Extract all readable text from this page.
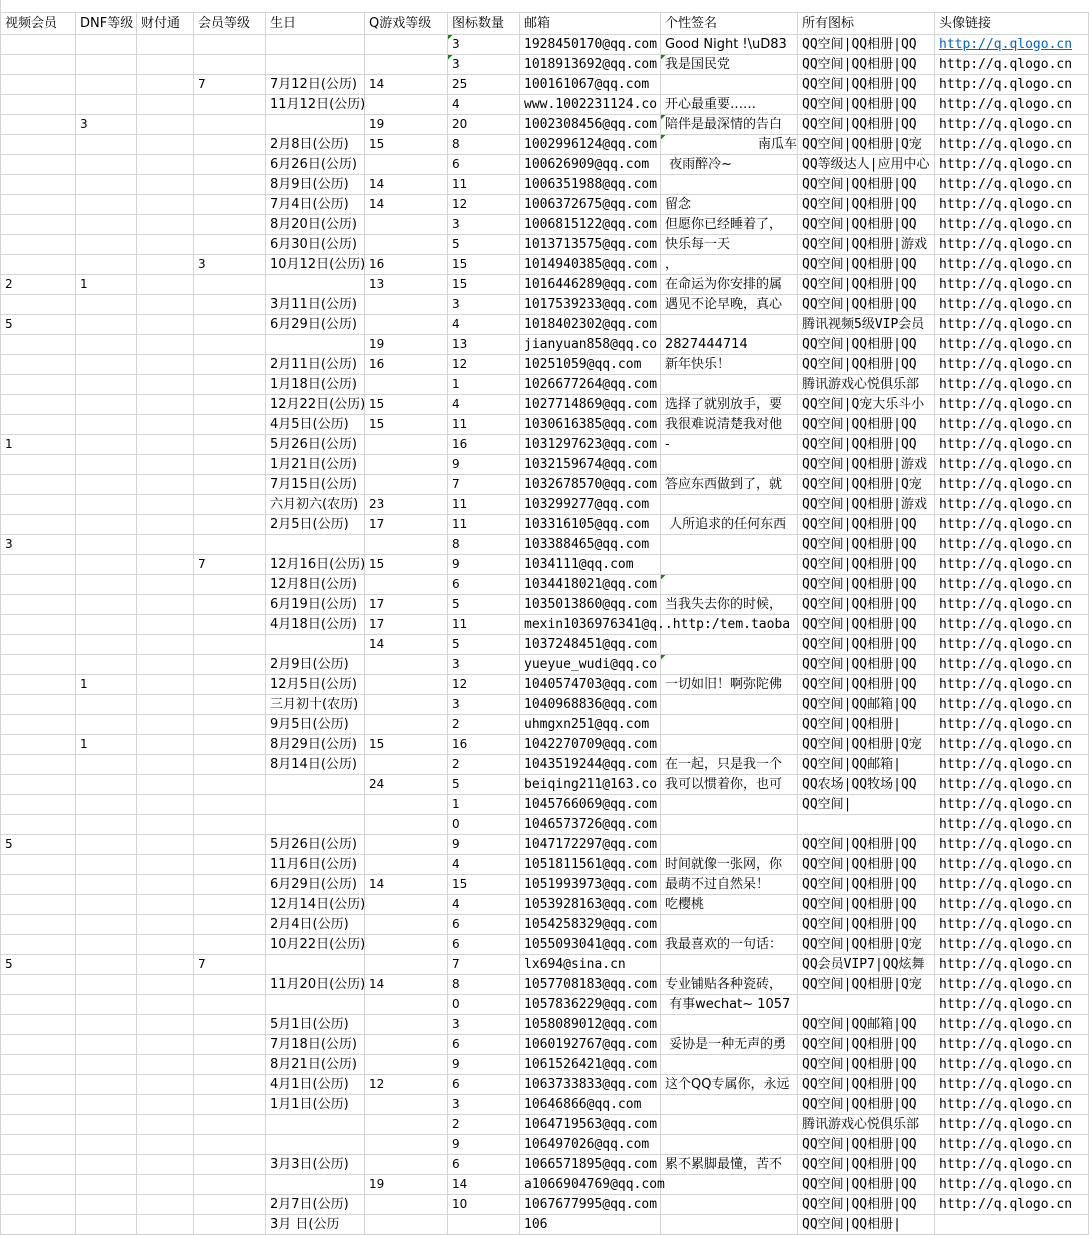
视频会员	DNF等级	财付通	会员等级	生日	Q游戏等级	图标数量	邮箱	个性签名	所有图标	头像链接
						3	1928450170@qq.com	Good Night !\uD83	QQ空间|QQ相册|QQ	http://q.qlogo.cn
						3	1018913692@qq.com	我是国民党	QQ空间|QQ相册|QQ	http://q.qlogo.cn
			7	7月12日(公历)	14	25	100161067@qq.com		QQ空间|QQ相册|QQ	http://q.qlogo.cn
				11月12日(公历)		4	www.1002231124.co	开心最重要……	QQ空间|QQ相册|QQ	http://q.qlogo.cn
	3				19	20	1002308456@qq.com	陪伴是最深情的告白	QQ空间|QQ相册|QQ	http://q.qlogo.cn
				2月8日(公历)	15	8	1002996124@qq.com	南瓜车	QQ空间|QQ相册|Q宠	http://q.qlogo.cn
				6月26日(公历)		6	100626909@qq.com	夜雨醉冷~	QQ等级达人|应用中心	http://q.qlogo.cn
				8月9日(公历)	14	11	1006351988@qq.com		QQ空间|QQ相册|QQ	http://q.qlogo.cn
				7月4日(公历)	14	12	1006372675@qq.com	留念	QQ空间|QQ相册|QQ	http://q.qlogo.cn
				8月20日(公历)		3	1006815122@qq.com	但愿你已经睡着了，	QQ空间|QQ相册|QQ	http://q.qlogo.cn
				6月30日(公历)		5	1013713575@qq.com	快乐每一天	QQ空间|QQ相册|游戏	http://q.qlogo.cn
			3	10月12日(公历)	16	15	1014940385@qq.com	，	QQ空间|QQ相册|QQ	http://q.qlogo.cn
2	1				13	15	1016446289@qq.com	在命运为你安排的属	QQ空间|QQ相册|QQ	http://q.qlogo.cn
				3月11日(公历)		3	1017539233@qq.com	遇见不论早晚，真心	QQ空间|QQ相册|QQ	http://q.qlogo.cn
5				6月29日(公历)		4	1018402302@qq.com		腾讯视频5级VIP会员	http://q.qlogo.cn
					19	13	jianyuan858@qq.co	2827444714	QQ空间|QQ相册|QQ	http://q.qlogo.cn
				2月11日(公历)	16	12	10251059@qq.com	新年快乐！	QQ空间|QQ相册|QQ	http://q.qlogo.cn
				1月18日(公历)		1	1026677264@qq.com		腾讯游戏心悦俱乐部	http://q.qlogo.cn
				12月22日(公历)	15	4	1027714869@qq.com	选择了就别放手，要	QQ空间|Q宠大乐斗小	http://q.qlogo.cn
				4月5日(公历)	15	11	1030616385@qq.com	我很难说清楚我对他	QQ空间|QQ相册|QQ	http://q.qlogo.cn
1				5月26日(公历)		16	1031297623@qq.com	-	QQ空间|QQ相册|QQ	http://q.qlogo.cn
				1月21日(公历)		9	1032159674@qq.com		QQ空间|QQ相册|游戏	http://q.qlogo.cn
				7月15日(公历)		7	1032678570@qq.com	答应东西做到了，就	QQ空间|QQ相册|Q宠	http://q.qlogo.cn
				六月初六(农历)	23	11	103299277@qq.com		QQ空间|QQ相册|游戏	http://q.qlogo.cn
				2月5日(公历)	17	11	103316105@qq.com	人所追求的任何东西	QQ空间|QQ相册|QQ	http://q.qlogo.cn
3						8	103388465@qq.com		QQ空间|QQ相册|QQ	http://q.qlogo.cn
			7	12月16日(公历)	15	9	1034111@qq.com		QQ空间|QQ相册|QQ	http://q.qlogo.cn
				12月8日(公历)		6	1034418021@qq.com		QQ空间|QQ相册|QQ	http://q.qlogo.cn
				6月19日(公历)	17	5	1035013860@qq.com	当我失去你的时候，	QQ空间|QQ相册|QQ	http://q.qlogo.cn
				4月18日(公历)	17	11	mexin1036976341@q..http:/tem.taoba		QQ空间|QQ相册|QQ	http://q.qlogo.cn
					14	5	1037248451@qq.com		QQ空间|QQ相册|QQ	http://q.qlogo.cn
				2月9日(公历)		3	yueyue_wudi@qq.co		QQ空间|QQ相册|QQ	http://q.qlogo.cn
	1			12月5日(公历)		12	1040574703@qq.com	一切如旧！啊弥陀佛	QQ空间|QQ相册|QQ	http://q.qlogo.cn
				三月初十(农历)		3	1040968836@qq.com		QQ空间|QQ邮箱|QQ	http://q.qlogo.cn
				9月5日(公历)		2	uhmgxn251@qq.com		QQ空间|QQ相册|	http://q.qlogo.cn
	1			8月29日(公历)	15	16	1042270709@qq.com		QQ空间|QQ相册|Q宠	http://q.qlogo.cn
				8月14日(公历)		2	1043519244@qq.com	在一起，只是我一个	QQ空间|QQ邮箱|	http://q.qlogo.cn
					24	5	beiqing211@163.co	我可以惯着你，也可	QQ农场|QQ牧场|QQ	http://q.qlogo.cn
						1	1045766069@qq.com		QQ空间|	http://q.qlogo.cn
						0	1046573726@qq.com			http://q.qlogo.cn
5				5月26日(公历)		9	1047172297@qq.com		QQ空间|QQ相册|QQ	http://q.qlogo.cn
				11月6日(公历)		4	1051811561@qq.com	时间就像一张网，你	QQ空间|QQ相册|QQ	http://q.qlogo.cn
				6月29日(公历)	14	15	1051993973@qq.com	最萌不过自然呆！	QQ空间|QQ相册|QQ	http://q.qlogo.cn
				12月14日(公历)		4	1053928163@qq.com	吃樱桃	QQ空间|QQ相册|QQ	http://q.qlogo.cn
				2月4日(公历)		6	1054258329@qq.com		QQ空间|QQ相册|QQ	http://q.qlogo.cn
				10月22日(公历)		6	1055093041@qq.com	我最喜欢的一句话：	QQ空间|QQ相册|Q宠	http://q.qlogo.cn
5			7			7	lx694@sina.cn		QQ会员VIP7|QQ炫舞	http://q.qlogo.cn
				11月20日(公历)	14	8	1057708183@qq.com	专业铺贴各种瓷砖，	QQ空间|QQ相册|Q宠	http://q.qlogo.cn
						0	1057836229@qq.com	有事wechat~ 1057		http://q.qlogo.cn
				5月1日(公历)		3	1058089012@qq.com		QQ空间|QQ邮箱|QQ	http://q.qlogo.cn
				7月18日(公历)		6	1060192767@qq.com	妥协是一种无声的勇	QQ空间|QQ相册|QQ	http://q.qlogo.cn
				8月21日(公历)		9	1061526421@qq.com		QQ空间|QQ相册|QQ	http://q.qlogo.cn
				4月1日(公历)	12	6	1063733833@qq.com	这个QQ专属你，永远	QQ空间|QQ相册|QQ	http://q.qlogo.cn
				1月1日(公历)		3	10646866@qq.com		QQ空间|QQ相册|QQ	http://q.qlogo.cn
						2	1064719563@qq.com		腾讯游戏心悦俱乐部	http://q.qlogo.cn
						9	106497026@qq.com		QQ空间|QQ相册|QQ	http://q.qlogo.cn
				3月3日(公历)		6	1066571895@qq.com	累不累脚最懂，苦不	QQ空间|QQ相册|QQ	http://q.qlogo.cn
					19	14	a1066904769@qq.com		QQ空间|QQ相册|QQ	http://q.qlogo.cn
				2月7日(公历)		10	1067677995@qq.com		QQ空间|QQ相册|QQ	http://q.qlogo.cn
				3月 日(公历			106		QQ空间|QQ相册|	
